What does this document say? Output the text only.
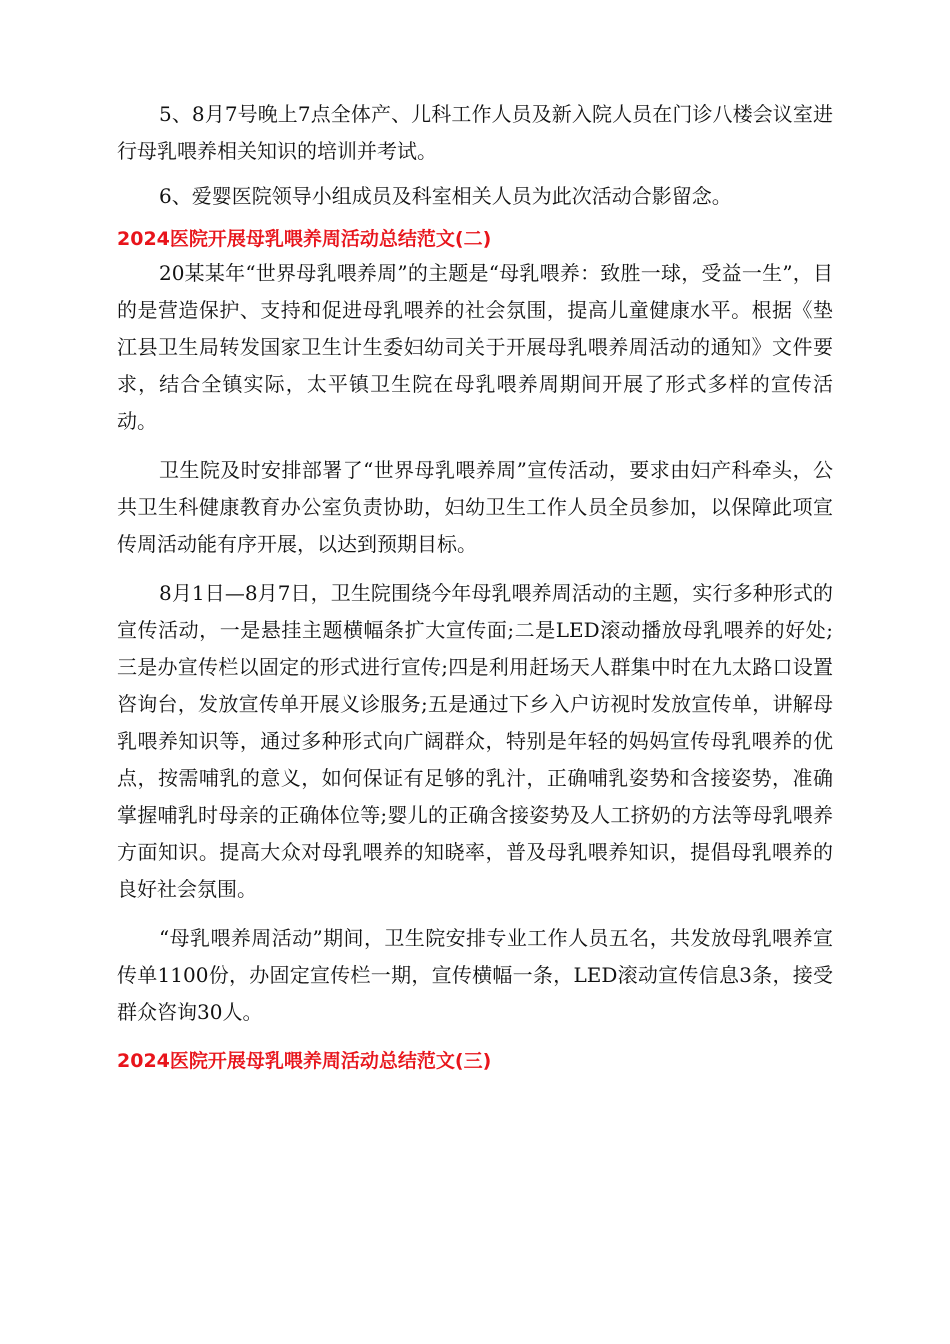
5、8月7号晚上7点全体产、儿科工作人员及新入院人员在门诊八楼会议室进行母乳喂养相关知识的培训并考试。

6、爱婴医院领导小组成员及科室相关人员为此次活动合影留念。

2024医院开展母乳喂养周活动总结范文(二)

20某某年“世界母乳喂养周”的主题是“母乳喂养：致胜一球，受益一生”，目的是营造保护、支持和促进母乳喂养的社会氛围，提高儿童健康水平。根据《垫江县卫生局转发国家卫生计生委妇幼司关于开展母乳喂养周活动的通知》文件要求，结合全镇实际，太平镇卫生院在母乳喂养周期间开展了形式多样的宣传活动。

卫生院及时安排部署了“世界母乳喂养周”宣传活动，要求由妇产科牵头，公共卫生科健康教育办公室负责协助，妇幼卫生工作人员全员参加，以保障此项宣传周活动能有序开展，以达到预期目标。

8月1日—8月7日，卫生院围绕今年母乳喂养周活动的主题，实行多种形式的宣传活动，一是悬挂主题横幅条扩大宣传面;二是LED滚动播放母乳喂养的好处;三是办宣传栏以固定的形式进行宣传;四是利用赶场天人群集中时在九太路口设置咨询台，发放宣传单开展义诊服务;五是通过下乡入户访视时发放宣传单，讲解母乳喂养知识等，通过多种形式向广阔群众，特别是年轻的妈妈宣传母乳喂养的优点，按需哺乳的意义，如何保证有足够的乳汁，正确哺乳姿势和含接姿势，准确掌握哺乳时母亲的正确体位等;婴儿的正确含接姿势及人工挤奶的方法等母乳喂养方面知识。提高大众对母乳喂养的知晓率，普及母乳喂养知识，提倡母乳喂养的良好社会氛围。

“母乳喂养周活动”期间，卫生院安排专业工作人员五名，共发放母乳喂养宣传单1100份，办固定宣传栏一期，宣传横幅一条，LED滚动宣传信息3条，接受群众咨询30人。

2024医院开展母乳喂养周活动总结范文(三)
